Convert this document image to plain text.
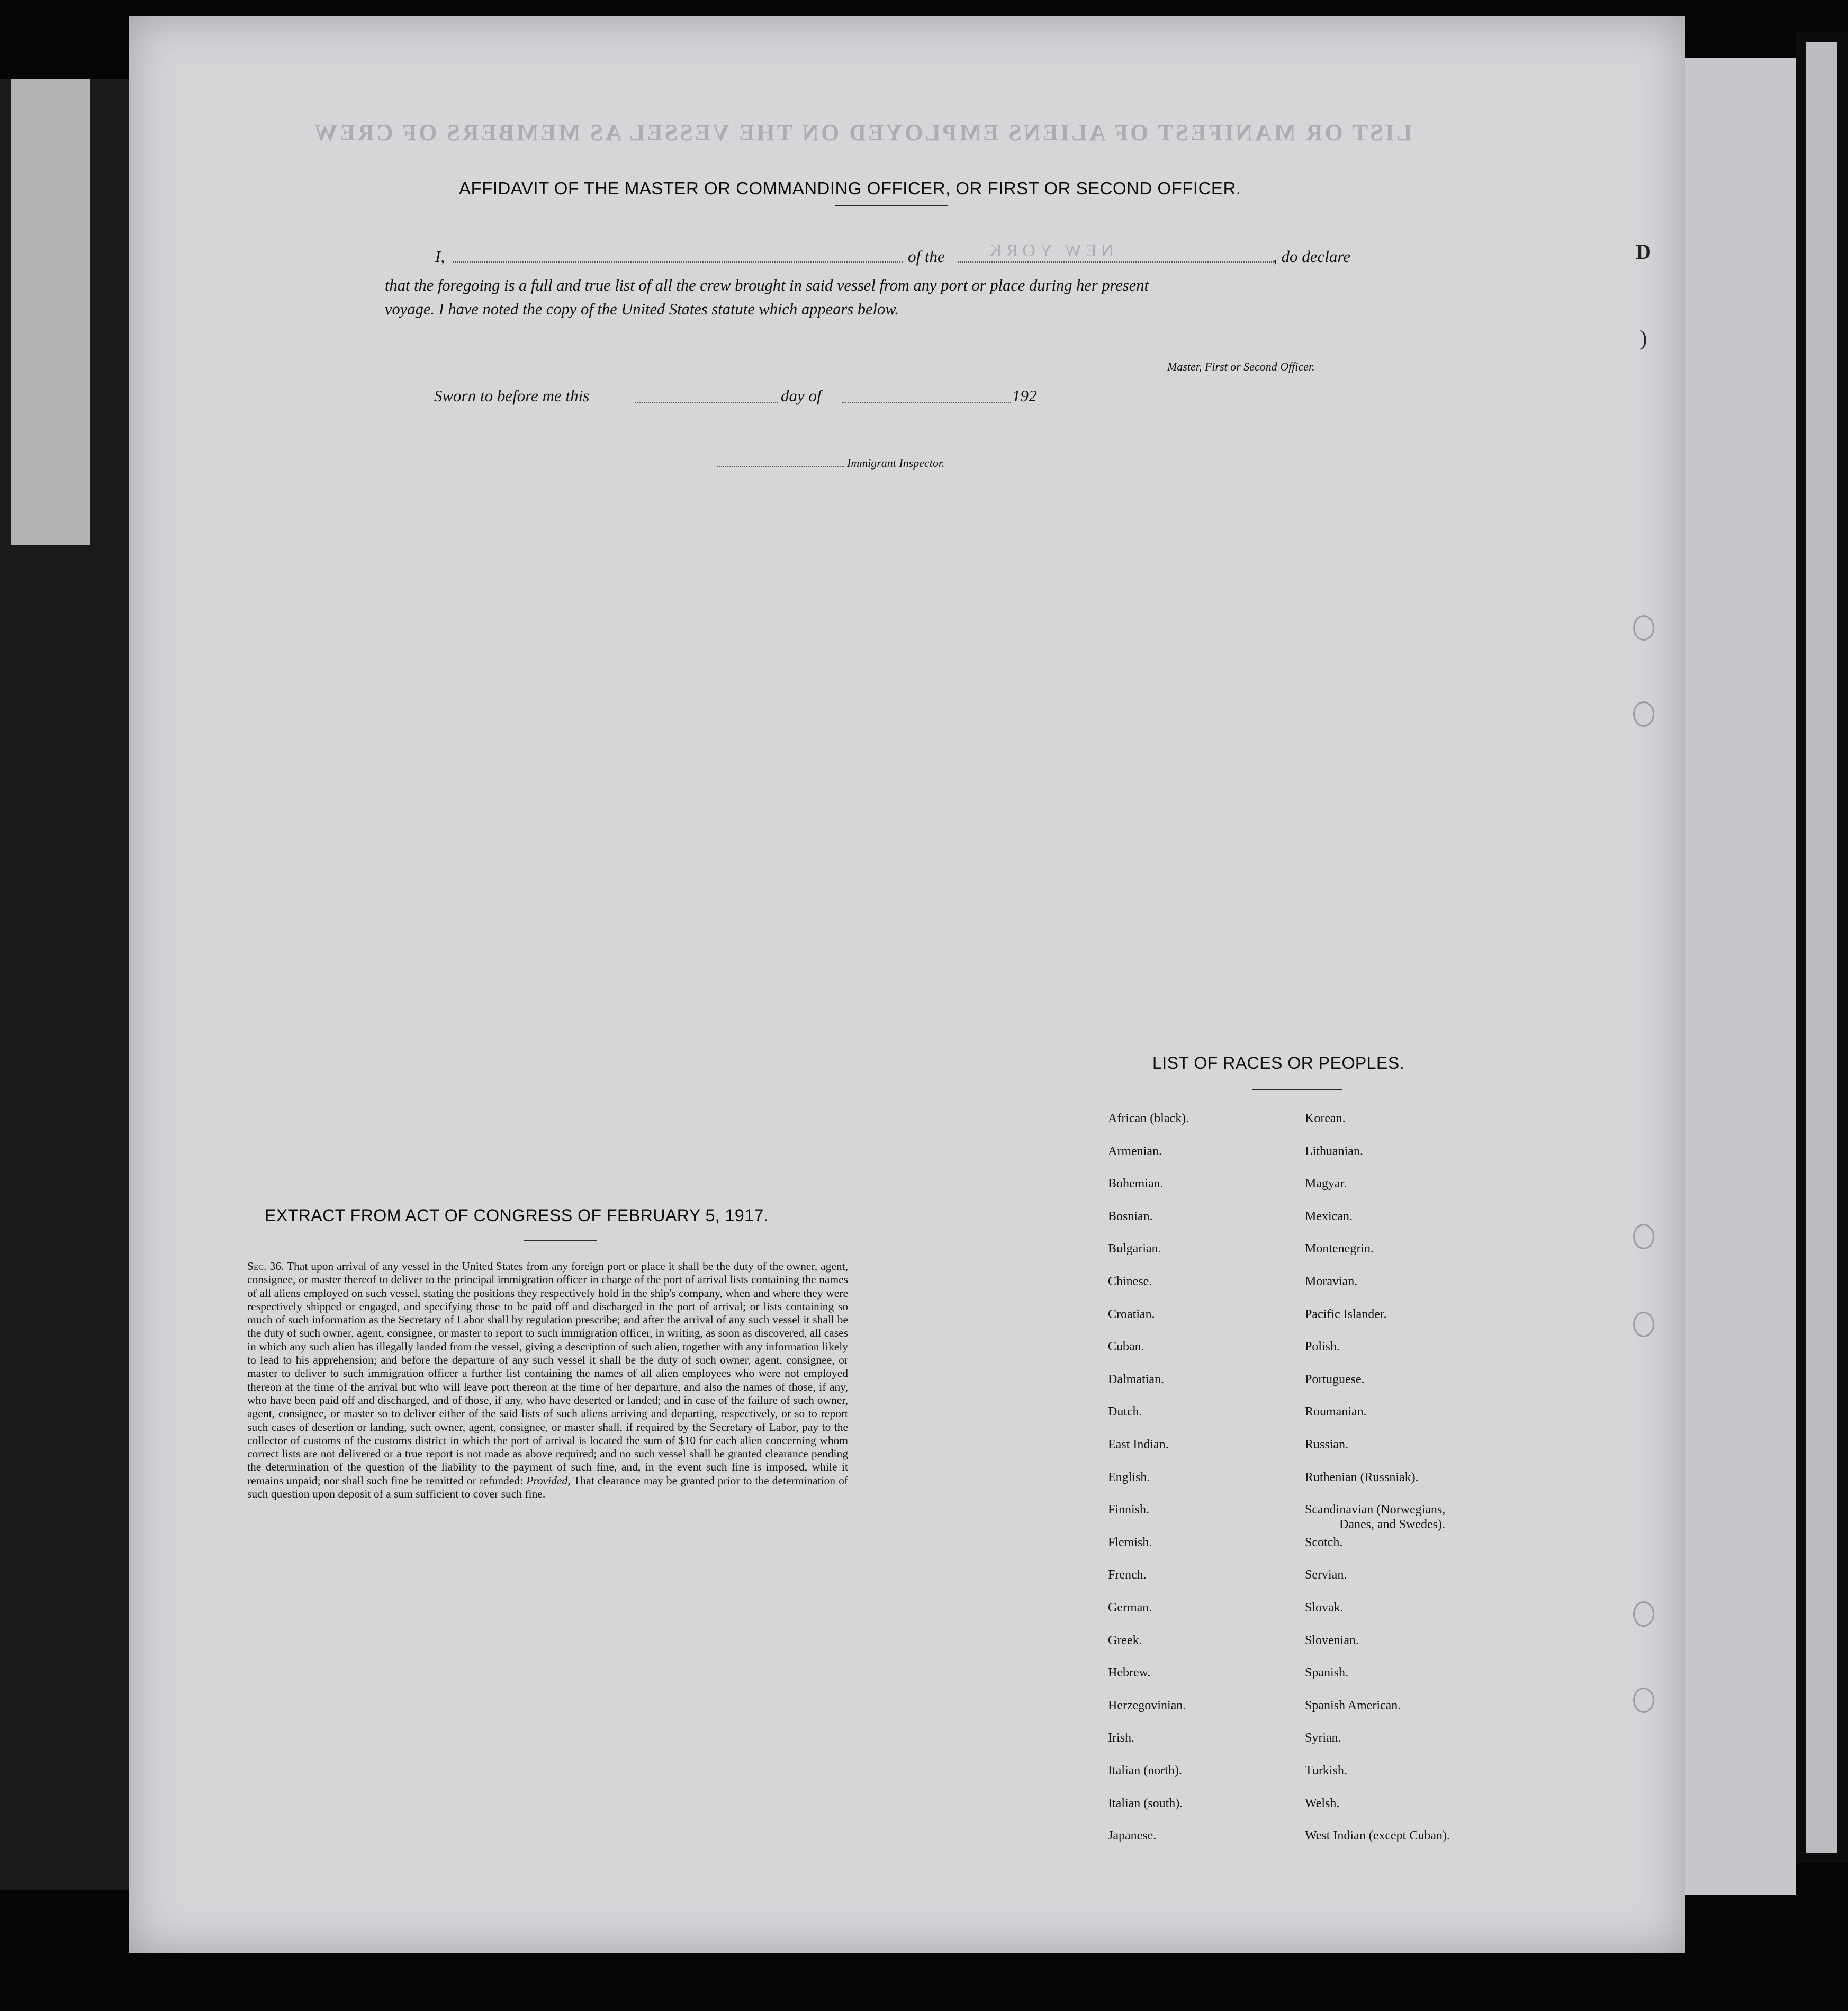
LIST OR MANIFEST OF ALIENS EMPLOYED ON THE VESSEL AS MEMBERS OF CREW
NEW YORK
AFFIDAVIT OF THE MASTER OR COMMANDING OFFICER, OR FIRST OR SECOND OFFICER.
I,	of the	, do declare
that the foregoing is a full and true list of all the crew brought in said vessel from any port or place during her present
voyage. I have noted the copy of the United States statute which appears below.
Master, First or Second Officer.
Sworn to before me this	day of	192
Immigrant Inspector.
EXTRACT FROM ACT OF CONGRESS OF FEBRUARY 5, 1917.
Sec. 36. That upon arrival of any vessel in the United States from any foreign port or place it shall be the duty of the owner, agent, consignee, or master thereof to deliver to the principal immigration officer in charge of the port of arrival lists containing the names of all aliens employed on such vessel, stating the positions they respectively hold in the ship's company, when and where they were respectively shipped or engaged, and specifying those to be paid off and discharged in the port of arrival; or lists containing so much of such information as the Secretary of Labor shall by regulation prescribe; and after the arrival of any such vessel it shall be the duty of such owner, agent, consignee, or master to report to such immigration officer, in writing, as soon as discovered, all cases in which any such alien has illegally landed from the vessel, giving a description of such alien, together with any information likely to lead to his apprehension; and before the departure of any such vessel it shall be the duty of such owner, agent, consignee, or master to deliver to such immigration officer a further list containing the names of all alien employees who were not employed thereon at the time of the arrival but who will leave port thereon at the time of her departure, and also the names of those, if any, who have been paid off and discharged, and of those, if any, who have deserted or landed; and in case of the failure of such owner, agent, consignee, or master so to deliver either of the said lists of such aliens arriving and departing, respectively, or so to report such cases of desertion or landing, such owner, agent, consignee, or master shall, if required by the Secretary of Labor, pay to the collector of customs of the customs district in which the port of arrival is located the sum of $10 for each alien concerning whom correct lists are not delivered or a true report is not made as above required; and no such vessel shall be granted clearance pending the determination of the question of the liability to the payment of such fine, and, in the event such fine is imposed, while it remains unpaid; nor shall such fine be remitted or refunded: Provided, That clearance may be granted prior to the determination of such question upon deposit of a sum sufficient to cover such fine.
LIST OF RACES OR PEOPLES.
African (black).
Armenian.
Bohemian.
Bosnian.
Bulgarian.
Chinese.
Croatian.
Cuban.
Dalmatian.
Dutch.
East Indian.
English.
Finnish.
Flemish.
French.
German.
Greek.
Hebrew.
Herzegovinian.
Irish.
Italian (north).
Italian (south).
Japanese.
Korean.
Lithuanian.
Magyar.
Mexican.
Montenegrin.
Moravian.
Pacific Islander.
Polish.
Portuguese.
Roumanian.
Russian.
Ruthenian (Russniak).
Scandinavian (Norwegians,
Scotch.
Servian.
Slovak.
Slovenian.
Spanish.
Spanish American.
Syrian.
Turkish.
Welsh.
West Indian (except Cuban).
Danes, and Swedes).
D
)
